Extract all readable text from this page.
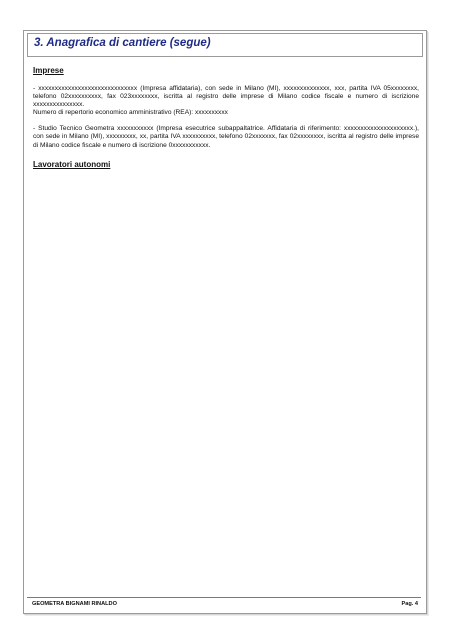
3. Anagrafica di cantiere (segue)
Imprese

- xxxxxxxxxxxxxxxxxxxxxxxxxxxxxx (Impresa affidataria), con sede in Milano (MI), xxxxxxxxxxxxxx, xxx, partita IVA 05xxxxxxxx, telefono 02xxxxxxxxxx, fax 023xxxxxxxx, iscritta al registro delle imprese di Milano codice fiscale e numero di iscrizione xxxxxxxxxxxxxxx.

Numero di repertorio economico amministrativo (REA): xxxxxxxxxx

- Studio Tecnico Geometra xxxxxxxxxxx (Impresa esecutrice subappaltatrice. Affidataria di riferimento: xxxxxxxxxxxxxxxxxxxxx.), con sede in Milano (MI), xxxxxxxxx, xx, partita IVA xxxxxxxxxx, telefono 02xxxxxxx, fax 02xxxxxxxx, iscritta al registro delle imprese di Milano codice fiscale e numero di iscrizione 0xxxxxxxxxxx.

Lavoratori autonomi
GEOMETRA BIGNAMI RINALDO	Pag. 4
